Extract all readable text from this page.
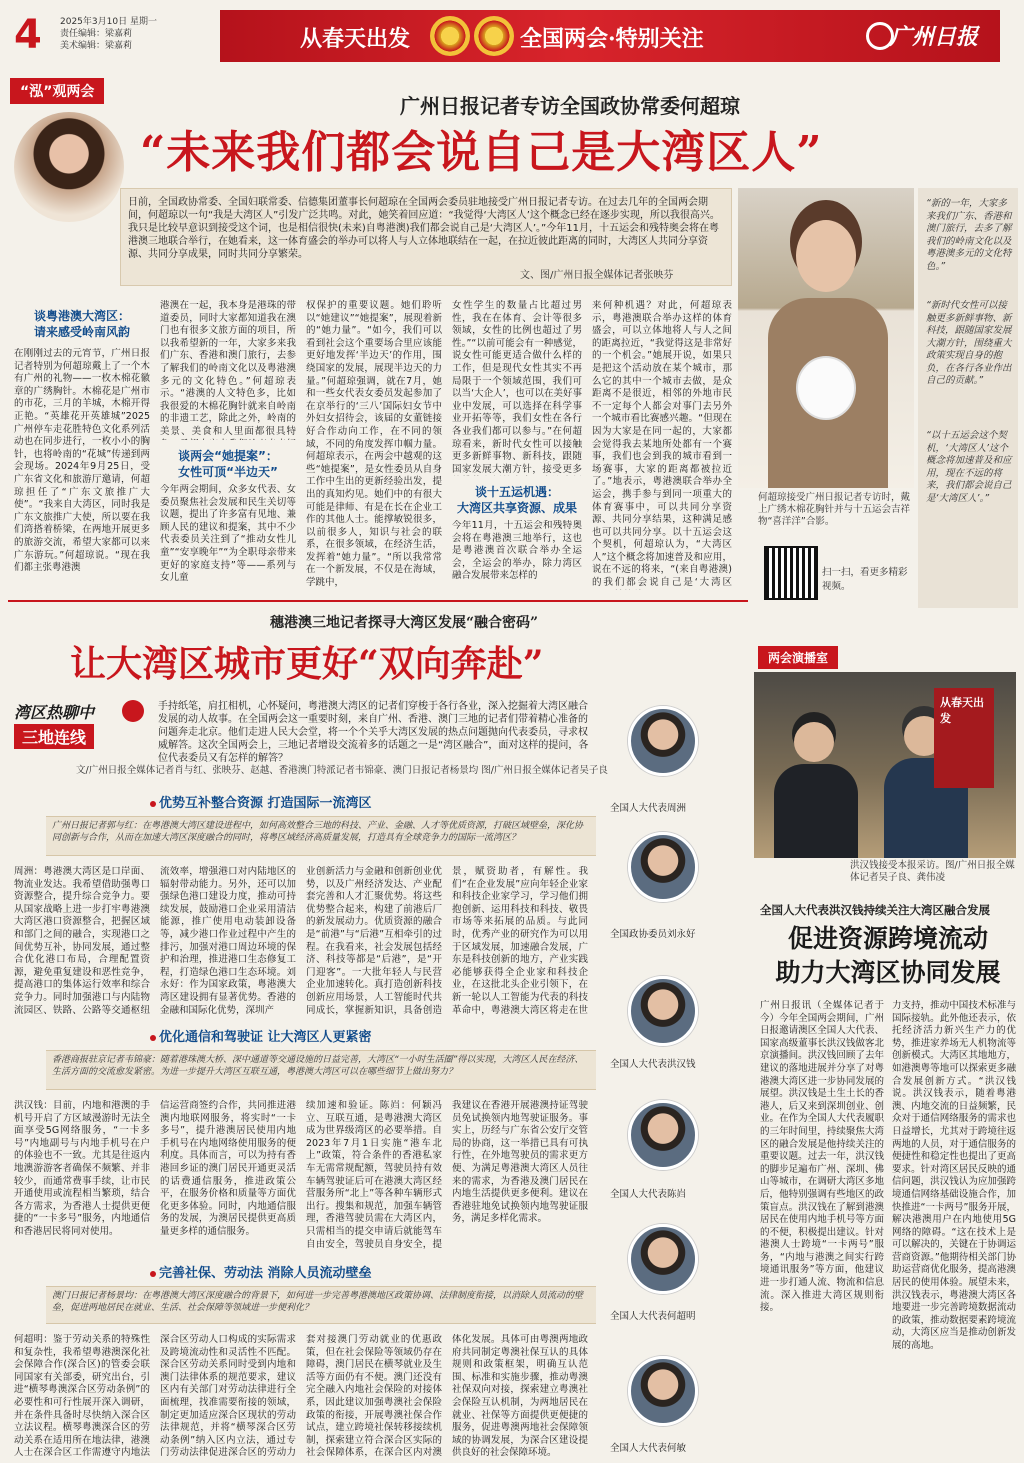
4 2025年3月10日 星期一
责任编辑：梁嘉莉
美术编辑：梁嘉莉	从春天出发	全国两会·特别关注	广州日报
“泓”观两会
广州日报记者专访全国政协常委何超琼
“未来我们都会说自己是大湾区人”
日前，全国政协常委、全国妇联常委、信德集团董事长何超琼在全国两会委员驻地接受广州日报记者专访。在过去几年的全国两会期间，何超琼以一句“我是大湾区人”引发广泛共鸣。对此，她笑着回应道：“我觉得‘大湾区人’这个概念已经在逐步实现，所以我很高兴。我只是比较早意识到接受这个词，也是相信很快(未来)自粤港澳)我们都会说自己是‘大湾区人’。”今年11月，十五运会和残特奥会将在粤港澳三地联合举行，在她看来，这一体育盛会的举办可以将人与人立体地联结在一起，在拉近彼此距离的同时，大湾区人共同分享资源、共同分享成果，同时共同分享繁荣。
文、图/广州日报全媒体记者张映芬
谈粤港澳大湾区：
请来感受岭南风韵
在刚刚过去的元宵节，广州日报记者特别为何超琼戴上了一个木有广州的礼物——一枚木棉花徽章的广绣胸针。木棉花是广州市的市花，三月的羊城，木棉开得正艳。“英雄花开英雄城”2025广州停车走花胜特色文化系列活动也在同步进行，一枚小小的胸针，也将岭南的“花城”传递到两会现场。2024年9月25日，受广东省文化和旅游厅邀请，何超琼担任了“广东文旅推广大使”。“我来自大湾区，同时我是广东文旅推广大使，所以要在我们湾搭着桥梁，在两地开展更多的旅游交流，希望大家都可以来广东游玩。”何超琼说。“现在我们都主张粤港澳
港澳在一起，我本身是港珠的带道委员，同时大家都知道我在澳门也有很多文旅方面的项目，所以我希望新的一年，大家多来我们广东、香港和澳门旅行，去参了解我们的岭南文化以及粤港澳多元的文化特色。”何超琼表示。“港澳的人文特色多，比如我很爱的木棉花胸针就来自岭南的非遗工艺，除此之外，岭南的美景、美食和人里面都很具特
谈两会“她提案”：
女性可顶“半边天”
今年两会期间，众多女代表、女委员聚焦社会发展和民生关切等议题，提出了许多富有见地、兼顾人民的建议和提案，其中不少代表委员关注到了“推动女性儿童”“安享晚年”“为全职母亲带来更好的家庭支持”等——系列与女儿童
权保护的重要议题。她们聆听以“她建议”“她提案”，展现着新的“她力量”。“如今，我们可以看到社会这个重要场合里应该能更好地发挥‘半边天’的作用，围绕国家的发展，展现半边天的力量。”何超琼强调，就在7月，她和一些女代表女委员发起参加了在京举行的‘三八’国际妇女节中外妇女招待会，该届的女董链接好合作动向工作，在不同的领域，不同的角度发挥巾帼力量。何超琼表示，在两会中越观的这些“她提案”，是女性委员从自身工作中生出的更新经验出发，提出的真知灼见。她们中的有很大可能是律师、有是在长在企业工作的其他人士。能撑敏锐很多，以前很多人，知识与社会的联系，在很多领域，在经济生活，发挥着“她力量”。“所以我常常在一个新发展，不仅是在海域，学跳中，
女性学生的数量占比超过男性，我在在体育、会计等很多领域，女性的比例也超过了男性。”“以前可能会有一种感觉，说女性可能更适合做什么样的工作，但是现代女性其实不再局限于一个领域范围，我们可以当‘大企人’，也可以在美好事业中发展，可以选择在科学事业开拓等等，我们女性在各行各业我们都可以参与。”在何超琼看来，新时代女性可以接触更多新鲜事物、新科技，跟随国家发展大潮方针，接受更多
谈十五运机遇：
大湾区共享资源、成果
今年11月，十五运会和残特奥会将在粤港澳三地举行，这也是粤港澳首次联合举办全运会，全运会的举办，除力湾区融合发展带来怎样的
来何种机遇？对此，何超琼表示，粤港澳联合举办这样的体育盛会，可以立体地将人与人之间的距离拉近，“我觉得这是非常好的一个机会。”她展开说，如果只是把这个活动放在某个城市，那么它的其中一个城市去做，是众距离不是很近，相邻的外地市民不一定每个人都会对事门去另外一个城市看比赛感兴趣。“但现在因为大家是在同一起的，大家都会觉得我去某地所处都有一个赛事，我们也会到我的城市看到一场赛事，大家的距离都被拉近了。”地表示，粤港澳联合举办全运会，携手参与到同一项重大的体育赛事中，可以共同分享资源、共同分享结果，这种满足感也可以共同分享。以十五运会这个契机，何超琼认为，“大湾区人”这个概念将加速普及和应用，说在不远的将来，“(来自粤港澳)的我们都会说自己是‘大湾区
何超琼接受广州日报记者专访时，戴上广绣木棉花胸针并与十五运会吉祥物“喜洋洋”合影。
“新的一年，大家多来我们广东、香港和澳门旅行，去多了解我们的岭南文化以及粤港澳多元的文化特色。”
“新时代女性可以接触更多新鲜事物、新科技，跟随国家发展大潮方针，围绕重大政策实现自身的抱负，在各行各业作出自己的贡献。”
“以十五运会这个契机，‘大湾区人’这个概念将加速普及和应用，现在不远的将来，我们都会说自己是‘大湾区人’。”
扫一扫，看更多精彩视频。
穗港澳三地记者探寻大湾区发展“融合密码”
让大湾区城市更好“双向奔赴”
湾区热聊中
三地连线
手持纸笔，肩扛相机，心怀疑问，粤港澳大湾区的记者们穿梭于各行各业，深入挖掘着大湾区融合发展的动人故事。在全国两会这一重要时刻，来自广州、香港、澳门三地的记者们带着精心准备的问题奔走北京。他们走进人民大会堂，将一个个关乎大湾区发展的热点问题抛向代表委员，寻求权威解答。这次全国两会上，三地记者增设交流着多的话题之一是“湾区融合”，面对这样的提问，各位代表委员又有怎样的解答？
文/广州日报全媒体记者肖与红、张映芬、赵越、香港澳门特派记者韦锦豪、澳门日报记者杨景均 图/广州日报全媒体记者吴子良
优势互补整合资源 打造国际一流湾区
广州日报记者郭与红：在粤港澳大湾区建设进程中，如何高效整合三地的科技、产业、金融、人才等优质资源，打破区域壁垒，深化协同创新与合作，从而在加速大湾区深度融合的同时，将粤区域经济高质量发展，打造具有全球竞争力的国际一流湾区？
周洲：粤港澳大湾区是口岸面、物流业发达。我希望借助强粤口资源整合，提升综合竞争力。要从国家战略上进一步打牢粤港澳大湾区港口资源整合，把握区域和部门之间的融合，实现港口之间优势互补，协同发展，通过整合优化港口布局，合理配置资源，避免重复建设和恶性竞争，提高港口的集体运行效率和综合竞争力。同时加强港口与内陆物流园区、铁路、公路等交通枢纽
流效率，增强港口对内陆地区的辐射带动能力。另外，还可以加强绿色港口建设力度，推动可持续发展，鼓励港口企业采用清洁能源，推广使用电动装卸设备等，减少港口作业过程中产生的排污，加强对港口周边环境的保护和治理，推进港口生态修复工程，打造绿色港口生态环境。刘永好：作为国家政策，粤港澳大湾区建设拥有显著优势。香港的金融和国际化优势，深圳产
业创新活力与金融和创新创业优势，以及广州经济发达、产业配套完善和人才汇聚优势。将这些优势整合起来，构建了前港后厂的新发展动力。优质资源的融合是“前港”与“后港”互相牵引的过程。在我看来，社会发展包括经济、科技等都是“后港”，是“开门迎客”。一大批年轻人与民营企业加速转化。真打造创新科技创新应用场景，人工智能时代共同成长，掌握新知识，具备创造
景，赋资助者，有解性。我们“在企业发展”应向年轻企业家和科技企业家学习，学习他们拥抱创新、运用科技和科技、敬畏市场等来拓展的品质。与此同时，优秀产业的研究作为可以用于区域发展，加速融合发展，广东是科技创新的地方，产业实践必能够获得全企业家和科技企业，在这批北头企业引领下，在新一轮以人工智能为代表的科技革命中，粤港澳大湾区将走在世
优化通信和驾驶证 让大湾区人更紧密
香港商报驻京记者韦锦豪：随着港珠澳大桥、深中通道等交通设施的日益完善，大湾区“一小时生活圈”得以实现，大湾区人民在经济、生活方面的交流愈发紧密。为进一步提升大湾区互联互通，粤港澳大湾区可以在哪些细节上做出努力？
洪汉钱：目前，内地和港澳的手机号开启了方区域漫游时无法全面享受5G网络服务，“一卡多号”内地副号与内地手机号在户的体验也不一致。尤其是往返内地澳游游客者确保不频繁、并非较少，而通常费事手续，让市民开通使用或流程相当繁琐，结合各方需求，为香港人士提供更便捷的“一卡多号”服务，内地通信和香港居民将同对使用。
信运营商签约合作，共同推进港澳内地联网服务，将实时“一卡多号”，提升港澳居民使用内地手机号在内地网络使用服务的便利度。具体而言，可以为持有香港回乡证的澳门居民开通更灵活的话费通信服务，推进政策公平，在服务价格和质量等方面优化更多体验。同时，内地通信服务的发展，为澳居民提供更高质量更多样的通信服务。
续加速和验证。陈岿：何颖冯立、互联互通，是粤港澳大湾区成为世界级湾区的必要举措。自2023年7月1日实施“港车北上”政策，符合条件的香港私家车无需常规配额，驾驶员持有效车辆驾驶证后可在港澳大湾区经营服务所“北上”等各种车辆形式出行。搜集和规范，加强车辆管理，香港驾驶员需在大湾区内，只需相当的提交申请后就能驾车自由安全，驾驶员自身安全，提
我建议在香港开展港澳持证驾驶员免试换领内地驾驶证服务。事实上，历经与广东省公安厅交管局的协商，这一举措已具有可执行性，在外地驾驶员的需求更方便、为满足粤港澳大湾区人员往来的需求，为香港及澳门居民在内地生活提供更多便利。建议在香港驻地免试换领内地驾驶证服务，满足多样化需求。
完善社保、劳动法 消除人员流动壁垒
澳门日报记者杨景均：在粤港澳大湾区深度融合的背景下，如何进一步完善粤港澳地区政策协调、法律制度衔接，以消除人员流动的壁垒，促进两地居民在就业、生活、社会保障等领域进一步便利化？
何超明：鉴于劳动关系的特殊性和复杂性，我希望粤港澳深化社会保障合作(深合区)的管委会联同国家有关部委，研究出台，引进“横琴粤澳深合区劳动条例”的必要性和可行性展开深入调研，并在条件具备时尽快纳入深合区立法议程。横琴粤澳深合区的劳动关系在适用所在地法律，港澳人士在深合区工作需遵守内地法
深合区劳动人口构成的实际需求及跨境流动性和灵活性不匹配。深合区劳动关系同时受到内地和澳门法律体系的规范要求，建议区内有关部门对劳动法律进行全面梳理，找准需要衔接的领域，制定更加适应深合区现状的劳动法律规范，并将“横琴深合区劳动条例”纳入区内立法，通过专门劳动法律促进深合区的劳动力
套对接澳门劳动就业的优惠政策，但在社会保险等领域仍存在障碍，澳门居民在横琴就业及生活等方面仍有不便。澳门还没有完全融入内地社会保险的对接体系，因此建议加强粤澳社会保险政策的衔接，开展粤澳社保合作试点，建立跨境社保转移接续机制，探索建立符合深合区实际的社会保障体系，在深合区内对澳
体化发展。具体可由粤澳两地政府共同制定粤澳社保互认的具体规则和政策框架，明确互认范围、标准和实施步骤，推动粤澳社保双向对接，探索建立粤澳社会保险互认机制，为两地居民在就业、社保等方面提供更便捷的服务，促进粤澳两地社会保障领域的协调发展，为深合区建设提供良好的社会保障环境。
全国人大代表周洲
全国政协委员刘永好
全国人大代表洪汉钱
全国人大代表陈岿
全国人大代表何超明
全国人大代表何敏
两会演播室
从春天出发
洪汉钱接受本报采访。图/广州日报全媒体记者吴子良、龚伟凌
全国人大代表洪汉钱持续关注大湾区融合发展
促进资源跨境流动
助力大湾区协同发展
广州日报讯（全媒体记者于今）今年全国两会期间，广州日报邀请澳区全国人大代表、国家高级董事长洪汉钱做客北京演播间。洪汉钱回顾了去年建议的落地进展并分享了对粤港澳大湾区进一步协同发展的展望。洪汉钱是土生土长的香港人，后又来到深圳创业、创业。在作为全国人大代表履职的三年时间里，持续聚焦大湾区的融合发展是他持续关注的重要议题。过去一年，洪汉钱的脚步足遍布广州、深圳、佛山等城市，在调研大湾区多地后，他特别强调有些地区的政策盲点。洪汉钱在了解到港澳居民在使用内地手机号等方面的不便，积极提出建议。针对港澳人士跨境“一卡两号”服务，“内地与港澳之间实行跨境通讯服务”等方面，他建议进一步打通人流、物流和信息流。深入推进大湾区规则衔接。
力支持，推动中国技术标准与国际接轨。此外他还表示，依托经济活力新兴生产力的优势，推进家养场无人机物流等创新模式。大湾区其地地方，如港澳粤等地可以探索更多融合发展创新方式。“洪汉钱说。洪汉钱表示，随着粤港澳、内地交流的日益频繁，民众对于通信网络服务的需求也日益增长，尤其对于跨境往返两地的人员，对于通信服务的便捷性和稳定性也提出了更高要求。针对湾区居民反映的通信问题，洪汉钱认为应加强跨境通信网络基础设施合作，加快推进“一卡两号”服务开展，解决港澳用户在内地使用5G网络的障碍。“这在技术上是可以解决的，关键在于协调运营商资源。”他期待相关部门协助运营商优化服务，提高港澳居民的使用体验。展望未来，洪汉钱表示，粤港澳大湾区各地要进一步完善跨境数据流动的政策，推动数据要素跨境流动，大湾区应当是推动创新发展的高地。
